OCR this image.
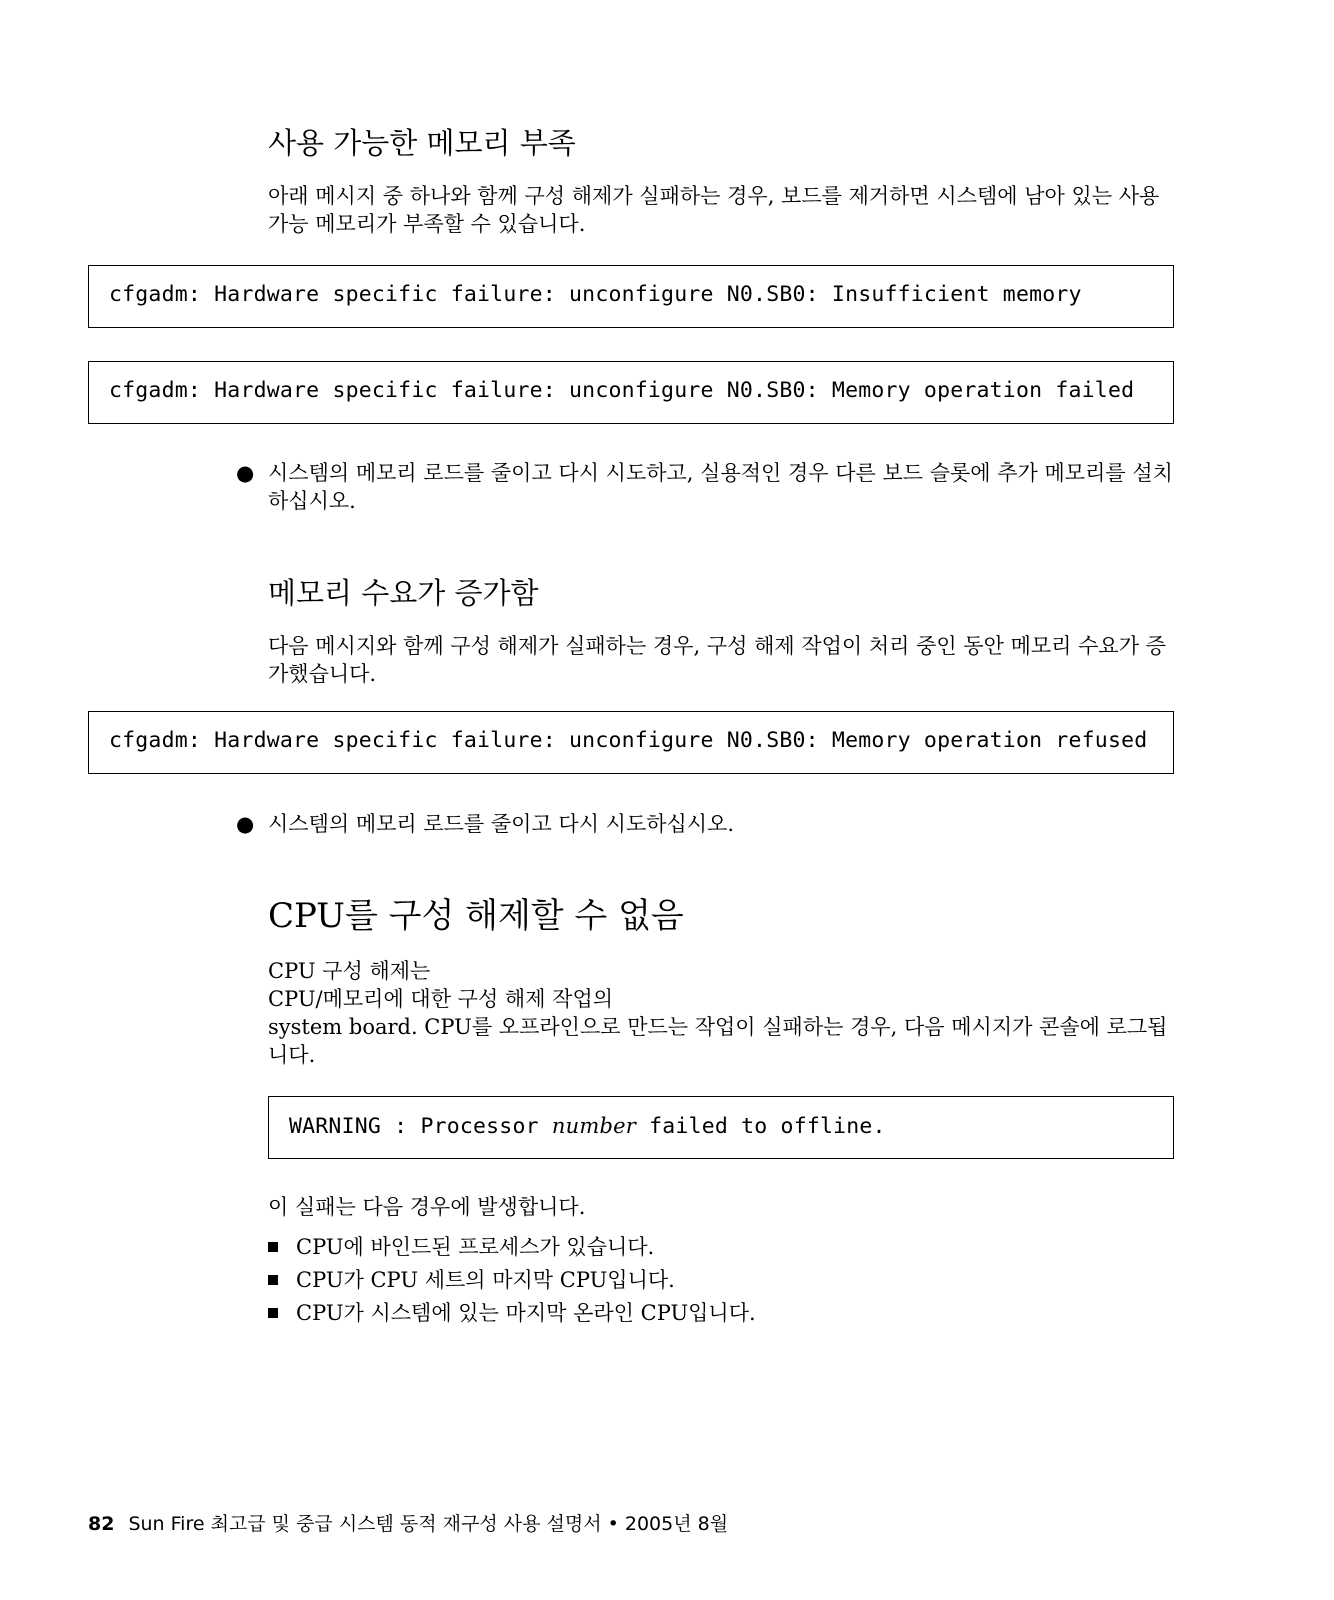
사용 가능한 메모리 부족
아래 메시지 중 하나와 함께 구성 해제가 실패하는 경우, 보드를 제거하면 시스템에 남아 있는 사용 가능 메모리가 부족할 수 있습니다.
cfgadm: Hardware specific failure: unconfigure N0.SB0: Insufficient memory
cfgadm: Hardware specific failure: unconfigure N0.SB0: Memory operation failed
● 시스템의 메모리 로드를 줄이고 다시 시도하고, 실용적인 경우 다른 보드 슬롯에 추가 메모리를 설치하십시오.
메모리 수요가 증가함
다음 메시지와 함께 구성 해제가 실패하는 경우, 구성 해제 작업이 처리 중인 동안 메모리 수요가 증가했습니다.
cfgadm: Hardware specific failure: unconfigure N0.SB0: Memory operation refused
● 시스템의 메모리 로드를 줄이고 다시 시도하십시오.
CPU를 구성 해제할 수 없음
CPU 구성 해제는
CPU/메모리에 대한 구성 해제 작업의
system board. CPU를 오프라인으로 만드는 작업이 실패하는 경우, 다음 메시지가 콘솔에 로그됩니다.
WARNING : Processor number failed to offline.
이 실패는 다음 경우에 발생합니다.
CPU에 바인드된 프로세스가 있습니다.
CPU가 CPU 세트의 마지막 CPU입니다.
CPU가 시스템에 있는 마지막 온라인 CPU입니다.
82 Sun Fire 최고급 및 중급 시스템 동적 재구성 사용 설명서 • 2005년 8월
